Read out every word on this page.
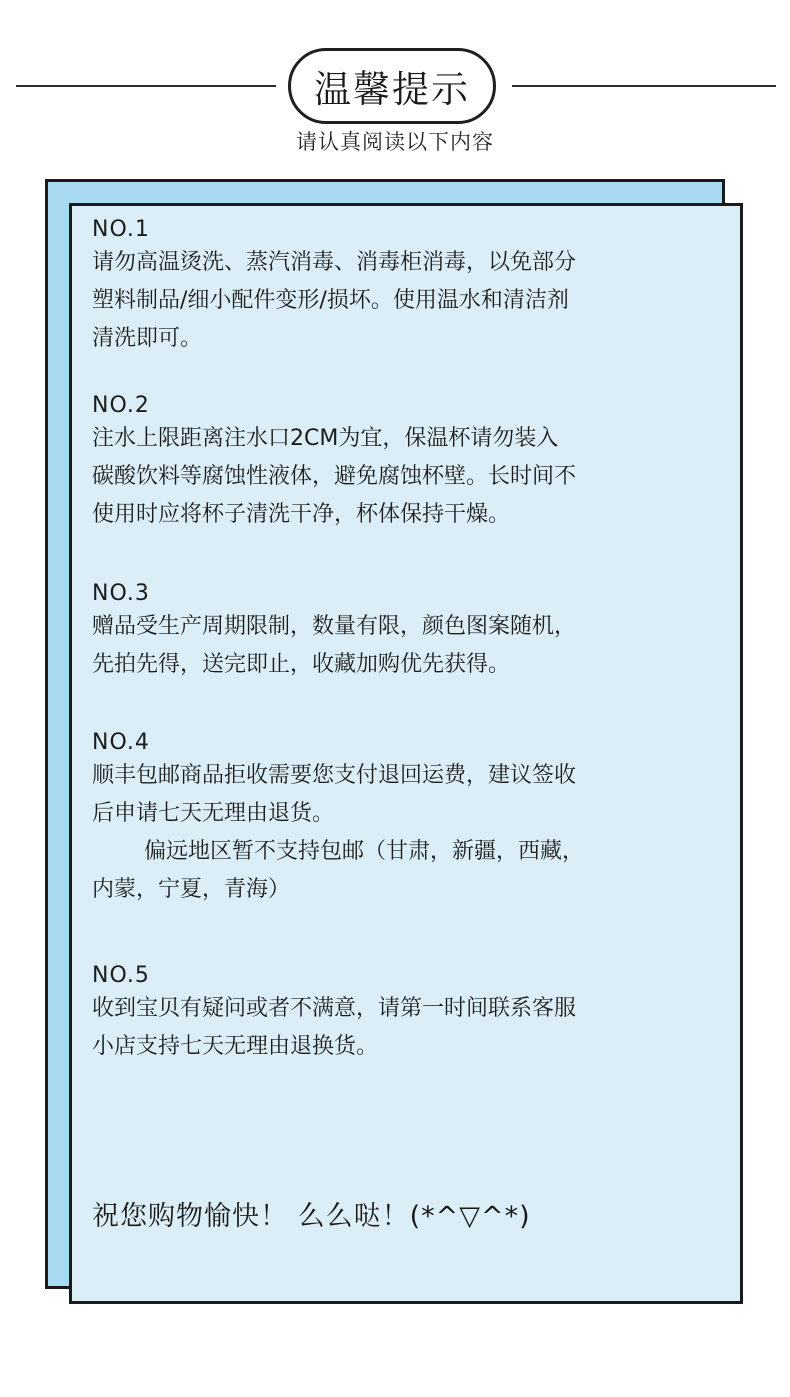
温馨提示
请认真阅读以下内容
NO.1
请勿高温烫洗、蒸汽消毒、消毒柜消毒，以免部分
塑料制品/细小配件变形/损坏。使用温水和清洁剂
清洗即可。
NO.2
注水上限距离注水口2CM为宜，保温杯请勿装入
碳酸饮料等腐蚀性液体，避免腐蚀杯壁。长时间不
使用时应将杯子清洗干净，杯体保持干燥。
NO.3
赠品受生产周期限制，数量有限，颜色图案随机，
先拍先得，送完即止，收藏加购优先获得。
NO.4
顺丰包邮商品拒收需要您支付退回运费，建议签收
后申请七天无理由退货。
偏远地区暂不支持包邮（甘肃，新疆，西藏，
内蒙，宁夏，青海）
NO.5
收到宝贝有疑问或者不满意，请第一时间联系客服
小店支持七天无理由退换货。
祝您购物愉快！ 么么哒！(*^▽^*)
